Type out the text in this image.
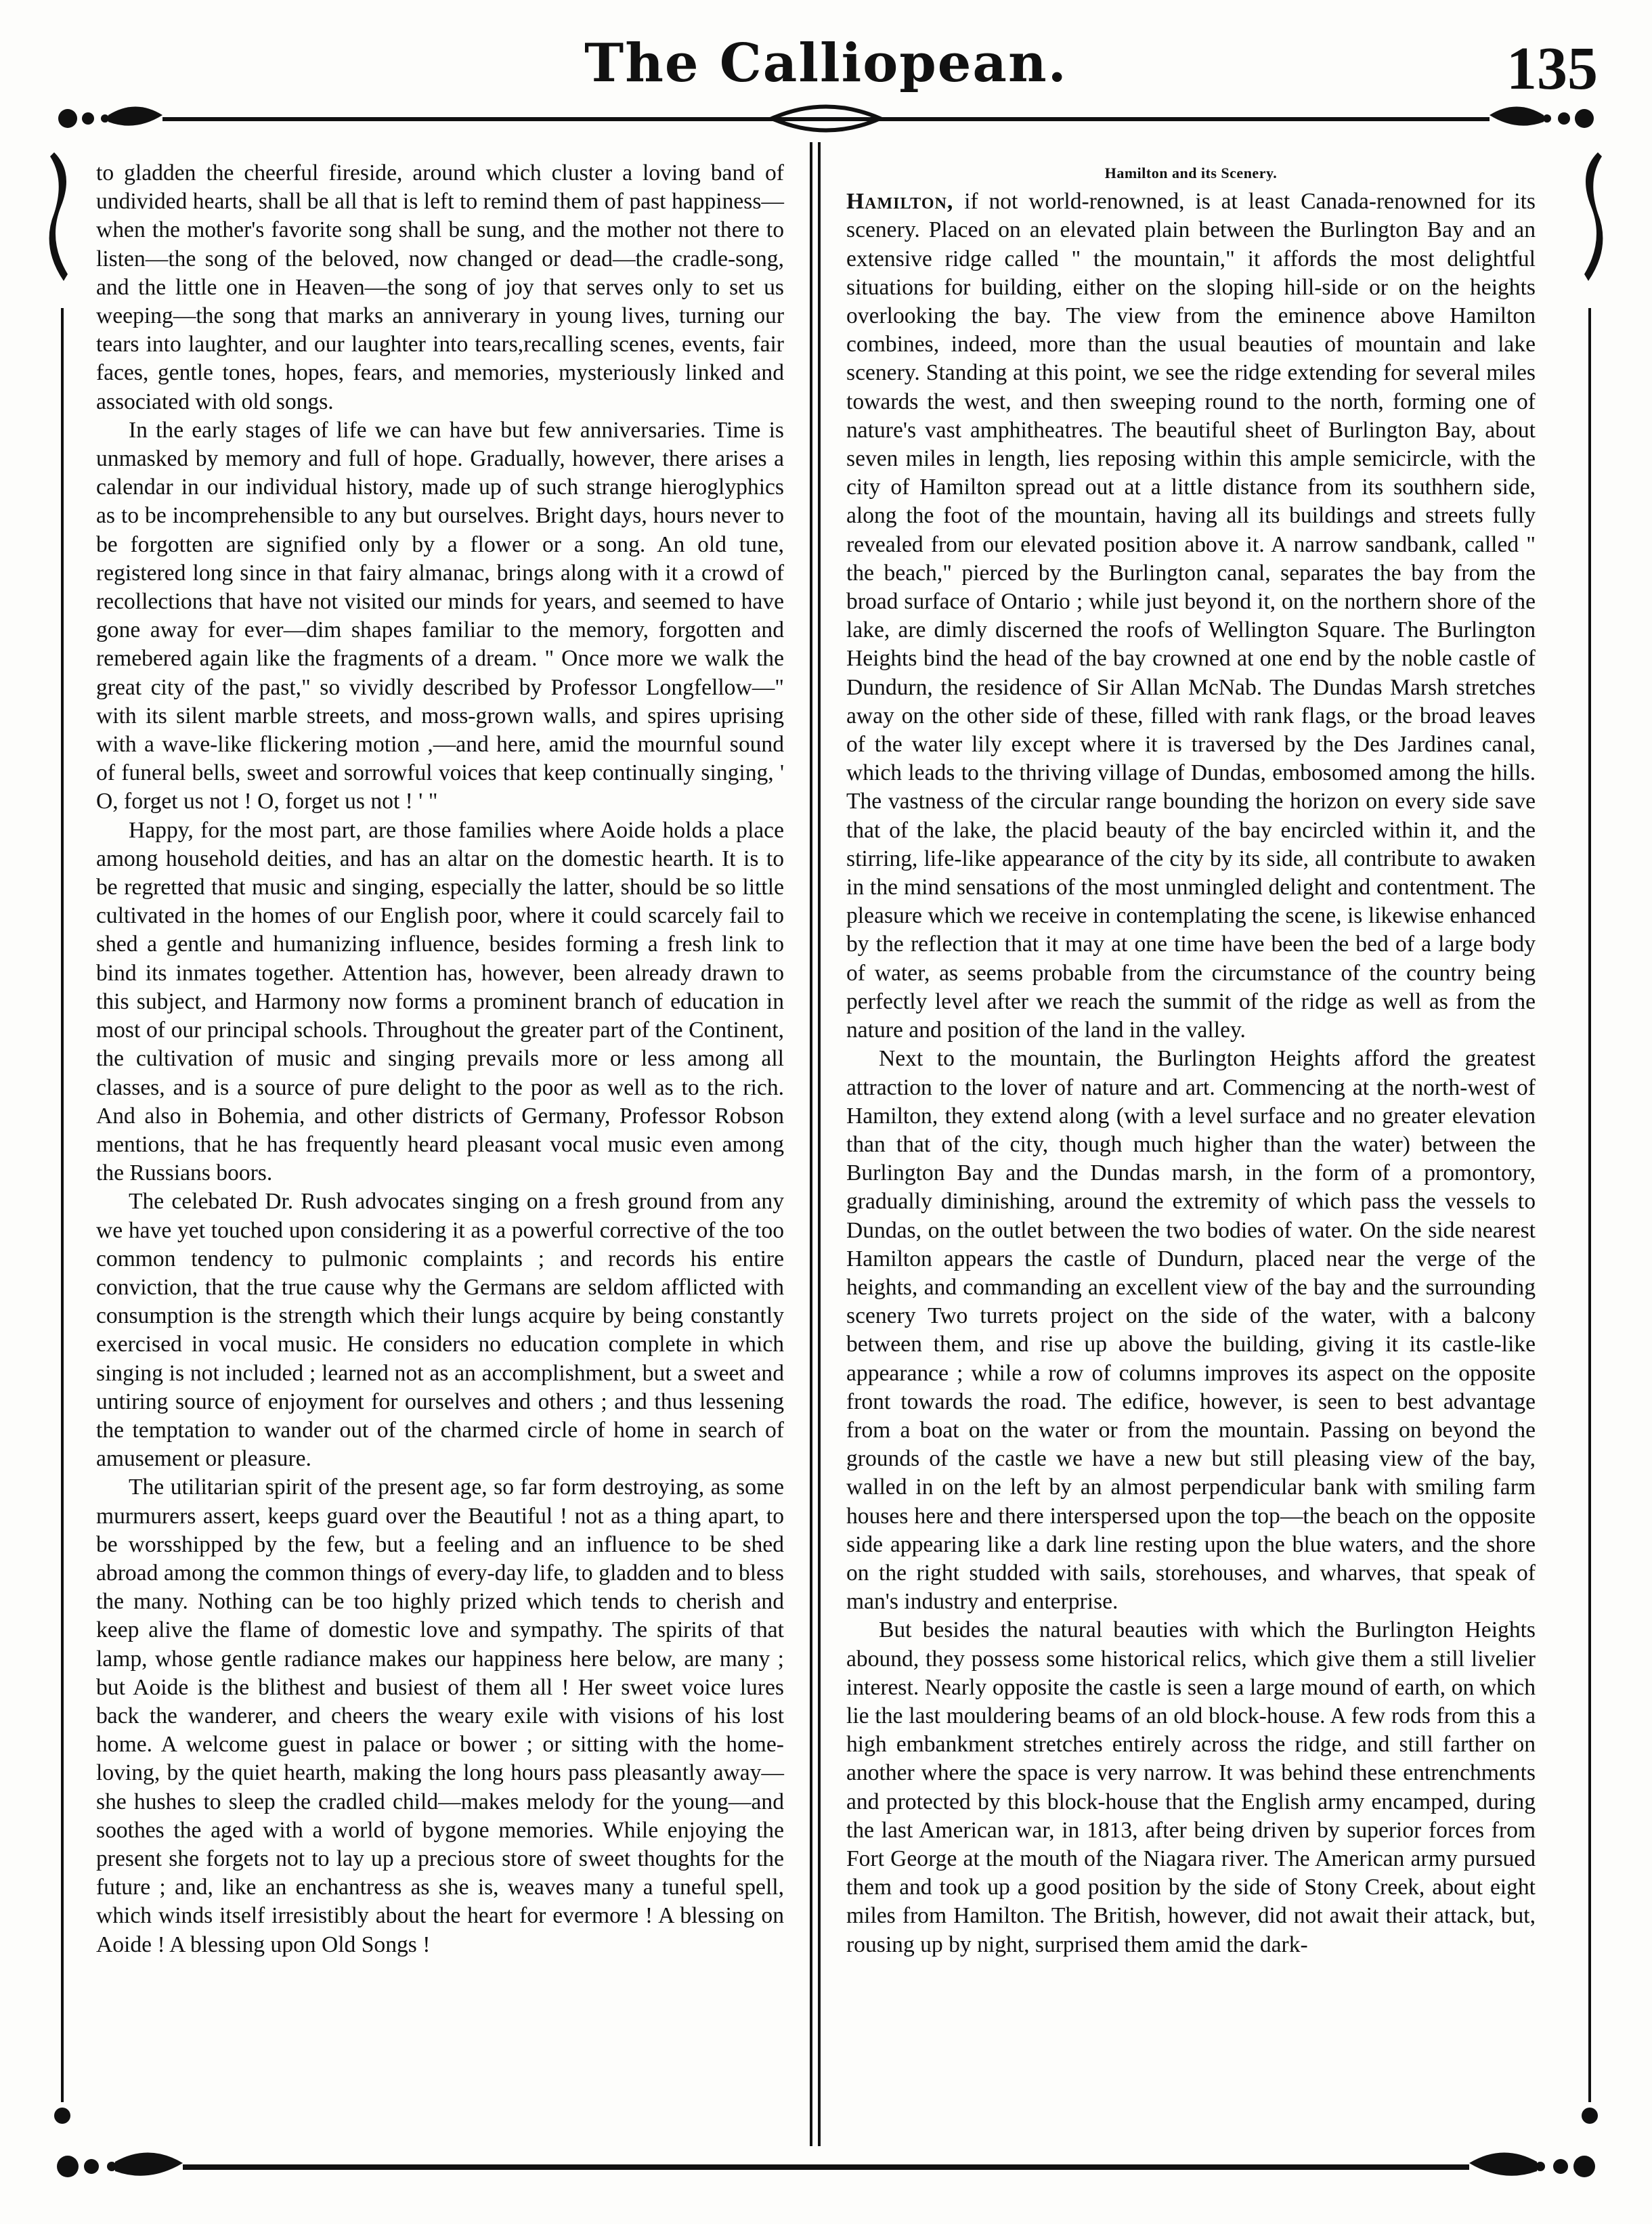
The Calliopean.	135

to gladden the cheerful fireside, around which cluster a loving band of undivided hearts, shall be all that is left to remind them of past happiness—when the mother's favorite song shall be sung, and the mother not there to listen—the song of the beloved, now changed or dead—the cradle-song, and the little one in Heaven—the song of joy that serves only to set us weeping—the song that marks an anniverary in young lives, turning our tears into laughter, and our laughter into tears,recalling scenes, events, fair faces, gentle tones, hopes, fears, and memories, mysteriously linked and associated with old songs.

In the early stages of life we can have but few anniversaries. Time is unmasked by memory and full of hope. Gradually, however, there arises a calendar in our individual history, made up of such strange hieroglyphics as to be incomprehensible to any but ourselves. Bright days, hours never to be forgotten are signified only by a flower or a song. An old tune, registered long since in that fairy almanac, brings along with it a crowd of recollections that have not visited our minds for years, and seemed to have gone away for ever—dim shapes familiar to the memory, forgotten and remebered again like the fragments of a dream. " Once more we walk the great city of the past," so vividly described by Professor Longfellow—" with its silent marble streets, and moss-grown walls, and spires uprising with a wave-like flickering motion ,—and here, amid the mournful sound of funeral bells, sweet and sorrowful voices that keep continually singing, ' O, forget us not ! O, forget us not ! ' "

Happy, for the most part, are those families where Aoide holds a place among household deities, and has an altar on the domestic hearth. It is to be regretted that music and singing, especially the latter, should be so little cultivated in the homes of our English poor, where it could scarcely fail to shed a gentle and humanizing influence, besides forming a fresh link to bind its inmates together. Attention has, however, been already drawn to this subject, and Harmony now forms a prominent branch of education in most of our principal schools. Throughout the greater part of the Continent, the cultivation of music and singing prevails more or less among all classes, and is a source of pure delight to the poor as well as to the rich. And also in Bohemia, and other districts of Germany, Professor Robson mentions, that he has frequently heard pleasant vocal music even among the Russians boors.

The celebated Dr. Rush advocates singing on a fresh ground from any we have yet touched upon considering it as a powerful corrective of the too common tendency to pulmonic complaints ; and records his entire conviction, that the true cause why the Germans are seldom afflicted with consumption is the strength which their lungs acquire by being constantly exercised in vocal music. He considers no education complete in which singing is not included ; learned not as an accomplishment, but a sweet and untiring source of enjoyment for ourselves and others ; and thus lessening the temptation to wander out of the charmed circle of home in search of amusement or pleasure.

The utilitarian spirit of the present age, so far form destroying, as some murmurers assert, keeps guard over the Beautiful ! not as a thing apart, to be worsshipped by the few, but a feeling and an influence to be shed abroad among the common things of every-day life, to gladden and to bless the many. Nothing can be too highly prized which tends to cherish and keep alive the flame of domestic love and sympathy. The spirits of that lamp, whose gentle radiance makes our happiness here below, are many ; but Aoide is the blithest and busiest of them all ! Her sweet voice lures back the wanderer, and cheers the weary exile with visions of his lost home. A welcome guest in palace or bower ; or sitting with the home-loving, by the quiet hearth, making the long hours pass pleasantly away—she hushes to sleep the cradled child—makes melody for the young—and soothes the aged with a world of bygone memories. While enjoying the present she forgets not to lay up a precious store of sweet thoughts for the future ; and, like an enchantress as she is, weaves many a tuneful spell, which winds itself irresistibly about the heart for evermore ! A blessing on Aoide ! A blessing upon Old Songs !

Hamilton and its Scenery.

Hamilton, if not world-renowned, is at least Canada-renowned for its scenery. Placed on an elevated plain between the Burlington Bay and an extensive ridge called " the mountain," it affords the most delightful situations for building, either on the sloping hill-side or on the heights overlooking the bay. The view from the eminence above Hamilton combines, indeed, more than the usual beauties of mountain and lake scenery. Standing at this point, we see the ridge extending for several miles towards the west, and then sweeping round to the north, forming one of nature's vast amphitheatres. The beautiful sheet of Burlington Bay, about seven miles in length, lies reposing within this ample semicircle, with the city of Hamilton spread out at a little distance from its southhern side, along the foot of the mountain, having all its buildings and streets fully revealed from our elevated position above it. A narrow sandbank, called " the beach," pierced by the Burlington canal, separates the bay from the broad surface of Ontario ; while just beyond it, on the northern shore of the lake, are dimly discerned the roofs of Wellington Square. The Burlington Heights bind the head of the bay crowned at one end by the noble castle of Dundurn, the residence of Sir Allan McNab. The Dundas Marsh stretches away on the other side of these, filled with rank flags, or the broad leaves of the water lily except where it is traversed by the Des Jardines canal, which leads to the thriving village of Dundas, embosomed among the hills. The vastness of the circular range bounding the horizon on every side save that of the lake, the placid beauty of the bay encircled within it, and the stirring, life-like appearance of the city by its side, all contribute to awaken in the mind sensations of the most unmingled delight and contentment. The pleasure which we receive in contemplating the scene, is likewise enhanced by the reflection that it may at one time have been the bed of a large body of water, as seems probable from the circumstance of the country being perfectly level after we reach the summit of the ridge as well as from the nature and position of the land in the valley.

Next to the mountain, the Burlington Heights afford the greatest attraction to the lover of nature and art. Commencing at the north-west of Hamilton, they extend along (with a level surface and no greater elevation than that of the city, though much higher than the water) between the Burlington Bay and the Dundas marsh, in the form of a promontory, gradually diminishing, around the extremity of which pass the vessels to Dundas, on the outlet between the two bodies of water. On the side nearest Hamilton appears the castle of Dundurn, placed near the verge of the heights, and commanding an excellent view of the bay and the surrounding scenery Two turrets project on the side of the water, with a balcony between them, and rise up above the building, giving it its castle-like appearance ; while a row of columns improves its aspect on the opposite front towards the road. The edifice, however, is seen to best advantage from a boat on the water or from the mountain. Passing on beyond the grounds of the castle we have a new but still pleasing view of the bay, walled in on the left by an almost perpendicular bank with smiling farm houses here and there interspersed upon the top—the beach on the opposite side appearing like a dark line resting upon the blue waters, and the shore on the right studded with sails, storehouses, and wharves, that speak of man's industry and enterprise.

But besides the natural beauties with which the Burlington Heights abound, they possess some historical relics, which give them a still livelier interest. Nearly opposite the castle is seen a large mound of earth, on which lie the last mouldering beams of an old block-house. A few rods from this a high embankment stretches entirely across the ridge, and still farther on another where the space is very narrow. It was behind these entrenchments and protected by this block-house that the English army encamped, during the last American war, in 1813, after being driven by superior forces from Fort George at the mouth of the Niagara river. The American army pursued them and took up a good position by the side of Stony Creek, about eight miles from Hamilton. The British, however, did not await their attack, but, rousing up by night, surprised them amid the dark-
